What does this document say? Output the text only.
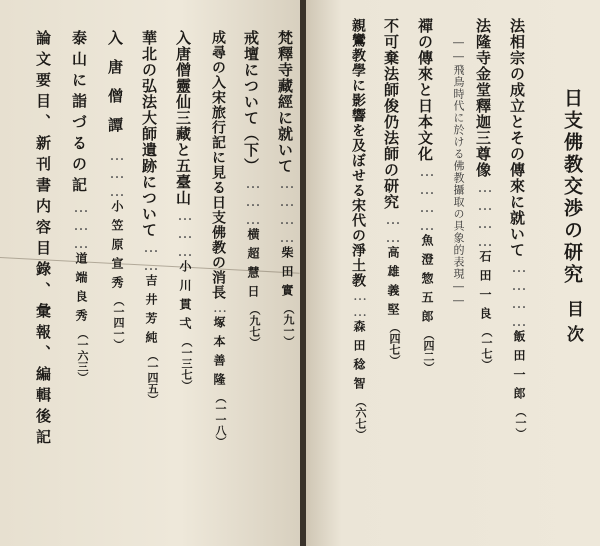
日支佛教交渉の研究
目次
法相宗の成立とその傳來に就いて
…………
飯田一郎
（一）
法隆寺金堂釋迦三尊像
…………
石田一良
（一七）
――飛鳥時代に於ける佛教攝取の具象的表現――
禪の傳來と日本文化
…………
魚澄惣五郎
（四二）
不可棄法師俊仍法師の研究
……
高雄義堅
（四七）
親鸞教學に影響を及ぼせる宋代の淨土教
……
森田稔智
（六七）
梵釋寺藏經に就いて
…………
柴田實
（九一）
戒壇について（下）
………
横超慧日
（九七）
成尋の入宋旅行記に見る日支佛教の消長
…
塚本善隆
（一一八）
入唐僧靈仙三藏と五臺山
………
小川貫弌
（一三七）
華北の弘法大師遺跡について
……
吉井芳純
（一四五）
入唐僧譚
………
小笠原宣秀
（一四一）
泰山に詣づるの記
………
道端良秀
（一六三）
論文要目、新刊書内容目錄、彙報、編輯後記
